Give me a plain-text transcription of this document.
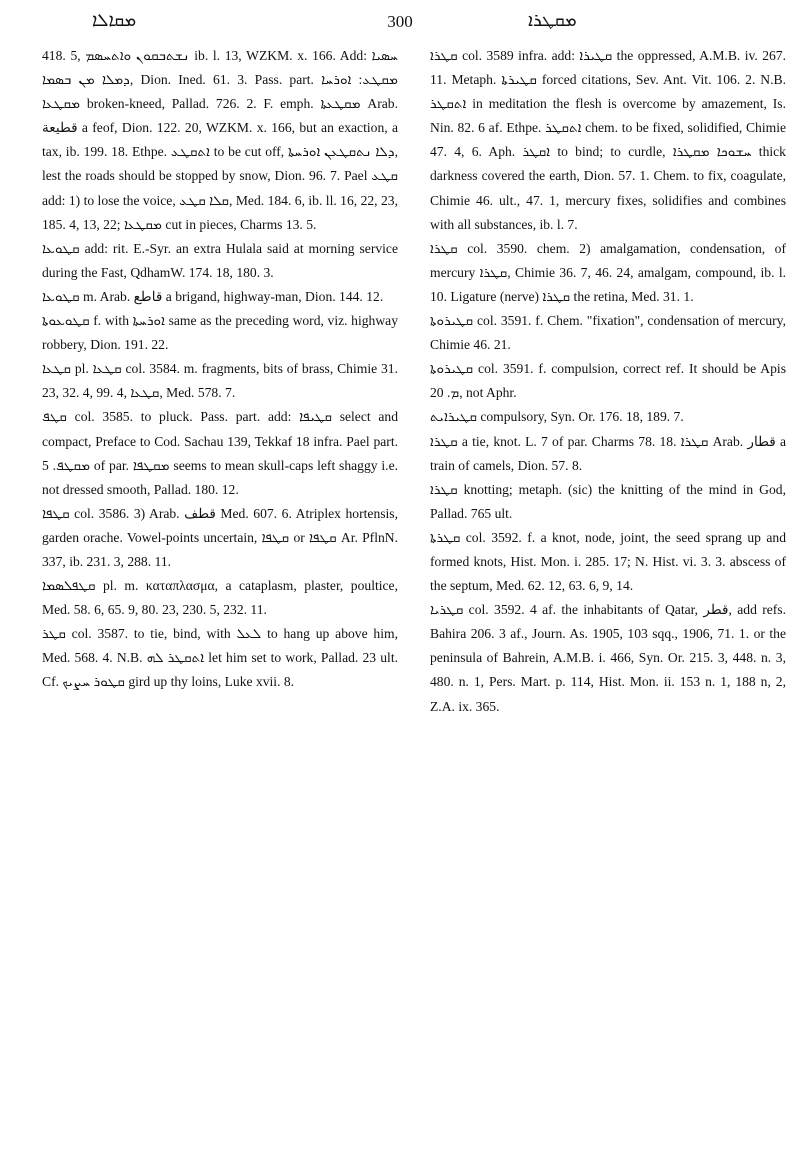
ܡܩܐܠܐ	300	ܡܩܛܪܐ

418. 5, ܢܫܬܒܩܘܢ ܘܐܬܚܣܡ ib. l. 13, WZKM. x. 166. Add: ܚܣܝܐ ܕܡܠܐ ܡܢ ܒܣܡܐ, Dion. Ined. 61. 3. Pass. part. ܡܩܛܥ: ܐܘܪܚܐ ܡܩܛܥܐ broken-kneed, Pallad. 726. 2. F. emph. ܡܩܛܥܬܐ Arab. قطيعة a feof, Dion. 122. 20, WZKM. x. 166, but an exaction, a tax, ib. 199. 18. Ethpe. ܐܬܩܛܥ to be cut off, ܕܠܐ ܢܬܩܛܥܢ ܐܘܪܚܬܐ, lest the roads should be stopped by snow, Dion. 96. 7. Pael ܩܛܥ add: 1) to lose the voice, ܩܠܐ ܩܛܥ, Med. 184. 6, ib. ll. 16, 22, 23, 185. 4, 13, 22; ܡܩܛܥܐ cut in pieces, Charms 13. 5.

ܩܛܘܥܐ add: rit. E.-Syr. an extra Hulala said at morning service during the Fast, QdhamW. 174. 18, 180. 3.

ܩܛܘܥܐ m. Arab. قاطع a brigand, highway-man, Dion. 144. 12.

ܩܛܘܥܘܬܐ f. with ܐܘܪܚܬܐ same as the preceding word, viz. highway robbery, Dion. 191. 22.

ܩܛܥܐ pl. ܩܛܥܐ col. 3584. m. fragments, bits of brass, Chimie 31. 23, 32. 4, 99. 4, ܩܛܥܐ, Med. 578. 7.

ܩܛܦ col. 3585. to pluck. Pass. part. add: ܩܛܝܦܐ select and compact, Preface to Cod. Sachau 139, Tekkaf 18 infra. Pael part. ܡܩܛܦ. 5 of par. ܡܩܛܦܐ seems to mean skull-caps left shaggy i.e. not dressed smooth, Pallad. 180. 12.

ܩܛܦܐ col. 3586. 3) Arab. قطف Med. 607. 6. Atriplex hortensis, garden orache. Vowel-points uncertain, ܩܛܦܐ or ܩܛܦܐ Ar. PflnN. 337, ib. 231. 3, 288. 11.

ܩܛܦܠܣܡܐ pl. m. καταπλασμα, a cataplasm, plaster, poultice, Med. 58. 6, 65. 9, 80. 23, 230. 5, 232. 11.

ܩܛܪ col. 3587. to tie, bind, with ܠܥܠ to hang up above him, Med. 568. 4. N.B. ܐܬܩܛܪ ܠܗ let him set to work, Pallad. 23 ult. Cf. ܩܛܘܪ ܚܨܝܟ gird up thy loins, Luke xvii. 8.

ܩܛܪܐ col. 3589 infra. add: ܩܛܝܪܐ the oppressed, A.M.B. iv. 267. 11. Metaph. ܩܛܝܪܬܐ forced citations, Sev. Ant. Vit. 106. 2. N.B. ܐܬܩܛܪ in meditation the flesh is overcome by amazement, Is. Nin. 82. 6 af. Ethpe. ܐܬܩܛܪ chem. to be fixed, solidified, Chimie 47. 4, 6. Aph. ܐܩܛܪ to bind; to curdle, ܚܫܘܟܐ ܡܩܛܪܐ thick darkness covered the earth, Dion. 57. 1. Chem. to fix, coagulate, Chimie 46. ult., 47. 1, mercury fixes, solidifies and combines with all substances, ib. l. 7.

ܩܛܪܐ col. 3590. chem. 2) amalgamation, condensation, of mercury ܩܛܪܐ, Chimie 36. 7, 46. 24, amalgam, compound, ib. l. 10. Ligature (nerve) ܩܛܪܐ the retina, Med. 31. 1.

ܩܛܝܪܘܬܐ col. 3591. f. Chem. "fixation", condensation of mercury, Chimie 46. 21.

ܩܛܝܪܘܬܐ col. 3591. f. compulsion, correct ref. It should be Apis ܡ. 20, not Aphr.

ܩܛܝܪܐܝܬ compulsory, Syn. Or. 176. 18, 189. 7.

ܩܛܪܐ a tie, knot. L. 7 of par. Charms 78. 18. ܩܛܪܐ Arab. قطار a train of camels, Dion. 57. 8.

ܩܛܪܐ knotting; metaph. (sic) the knitting of the mind in God, Pallad. 765 ult.

ܩܛܪܬܐ col. 3592. f. a knot, node, joint, the seed sprang up and formed knots, Hist. Mon. i. 285. 17; N. Hist. vi. 3. 3. abscess of the septum, Med. 62. 12, 63. 6, 9, 14.

ܩܛܪܝܐ col. 3592. 4 af. the inhabitants of Qatar, قطر, add refs. Bahira 206. 3 af., Journ. As. 1905, 103 sqq., 1906, 71. 1. or the peninsula of Bahrein, A.M.B. i. 466, Syn. Or. 215. 3, 448. n. 3, 480. n. 1, Pers. Mart. p. 114, Hist. Mon. ii. 153 n. 1, 188 n, 2, Z.A. ix. 365.
